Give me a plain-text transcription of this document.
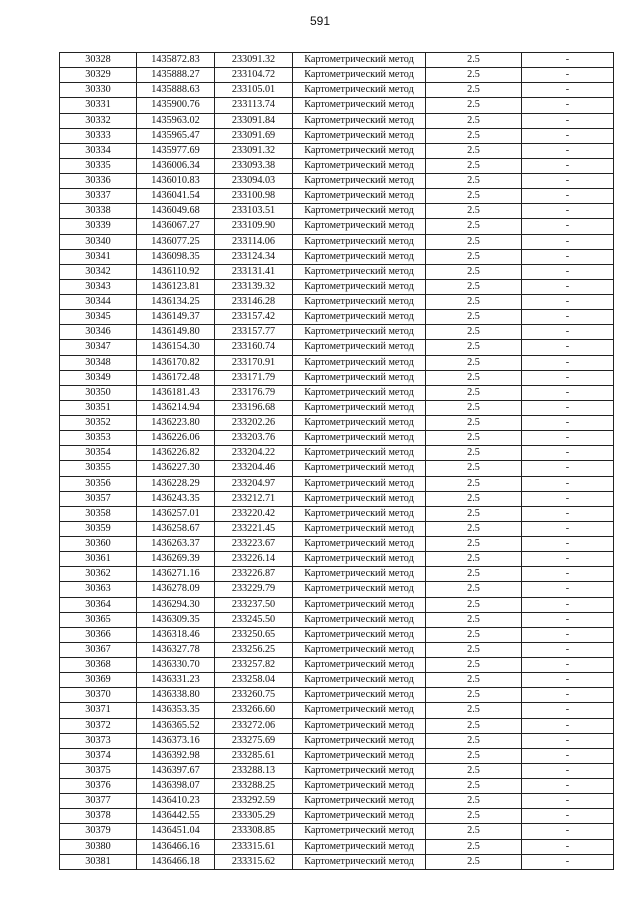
591
30328	1435872.83	233091.32	Картометрический метод	2.5	-
30329	1435888.27	233104.72	Картометрический метод	2.5	-
30330	1435888.63	233105.01	Картометрический метод	2.5	-
30331	1435900.76	233113.74	Картометрический метод	2.5	-
30332	1435963.02	233091.84	Картометрический метод	2.5	-
30333	1435965.47	233091.69	Картометрический метод	2.5	-
30334	1435977.69	233091.32	Картометрический метод	2.5	-
30335	1436006.34	233093.38	Картометрический метод	2.5	-
30336	1436010.83	233094.03	Картометрический метод	2.5	-
30337	1436041.54	233100.98	Картометрический метод	2.5	-
30338	1436049.68	233103.51	Картометрический метод	2.5	-
30339	1436067.27	233109.90	Картометрический метод	2.5	-
30340	1436077.25	233114.06	Картометрический метод	2.5	-
30341	1436098.35	233124.34	Картометрический метод	2.5	-
30342	1436110.92	233131.41	Картометрический метод	2.5	-
30343	1436123.81	233139.32	Картометрический метод	2.5	-
30344	1436134.25	233146.28	Картометрический метод	2.5	-
30345	1436149.37	233157.42	Картометрический метод	2.5	-
30346	1436149.80	233157.77	Картометрический метод	2.5	-
30347	1436154.30	233160.74	Картометрический метод	2.5	-
30348	1436170.82	233170.91	Картометрический метод	2.5	-
30349	1436172.48	233171.79	Картометрический метод	2.5	-
30350	1436181.43	233176.79	Картометрический метод	2.5	-
30351	1436214.94	233196.68	Картометрический метод	2.5	-
30352	1436223.80	233202.26	Картометрический метод	2.5	-
30353	1436226.06	233203.76	Картометрический метод	2.5	-
30354	1436226.82	233204.22	Картометрический метод	2.5	-
30355	1436227.30	233204.46	Картометрический метод	2.5	-
30356	1436228.29	233204.97	Картометрический метод	2.5	-
30357	1436243.35	233212.71	Картометрический метод	2.5	-
30358	1436257.01	233220.42	Картометрический метод	2.5	-
30359	1436258.67	233221.45	Картометрический метод	2.5	-
30360	1436263.37	233223.67	Картометрический метод	2.5	-
30361	1436269.39	233226.14	Картометрический метод	2.5	-
30362	1436271.16	233226.87	Картометрический метод	2.5	-
30363	1436278.09	233229.79	Картометрический метод	2.5	-
30364	1436294.30	233237.50	Картометрический метод	2.5	-
30365	1436309.35	233245.50	Картометрический метод	2.5	-
30366	1436318.46	233250.65	Картометрический метод	2.5	-
30367	1436327.78	233256.25	Картометрический метод	2.5	-
30368	1436330.70	233257.82	Картометрический метод	2.5	-
30369	1436331.23	233258.04	Картометрический метод	2.5	-
30370	1436338.80	233260.75	Картометрический метод	2.5	-
30371	1436353.35	233266.60	Картометрический метод	2.5	-
30372	1436365.52	233272.06	Картометрический метод	2.5	-
30373	1436373.16	233275.69	Картометрический метод	2.5	-
30374	1436392.98	233285.61	Картометрический метод	2.5	-
30375	1436397.67	233288.13	Картометрический метод	2.5	-
30376	1436398.07	233288.25	Картометрический метод	2.5	-
30377	1436410.23	233292.59	Картометрический метод	2.5	-
30378	1436442.55	233305.29	Картометрический метод	2.5	-
30379	1436451.04	233308.85	Картометрический метод	2.5	-
30380	1436466.16	233315.61	Картометрический метод	2.5	-
30381	1436466.18	233315.62	Картометрический метод	2.5	-
